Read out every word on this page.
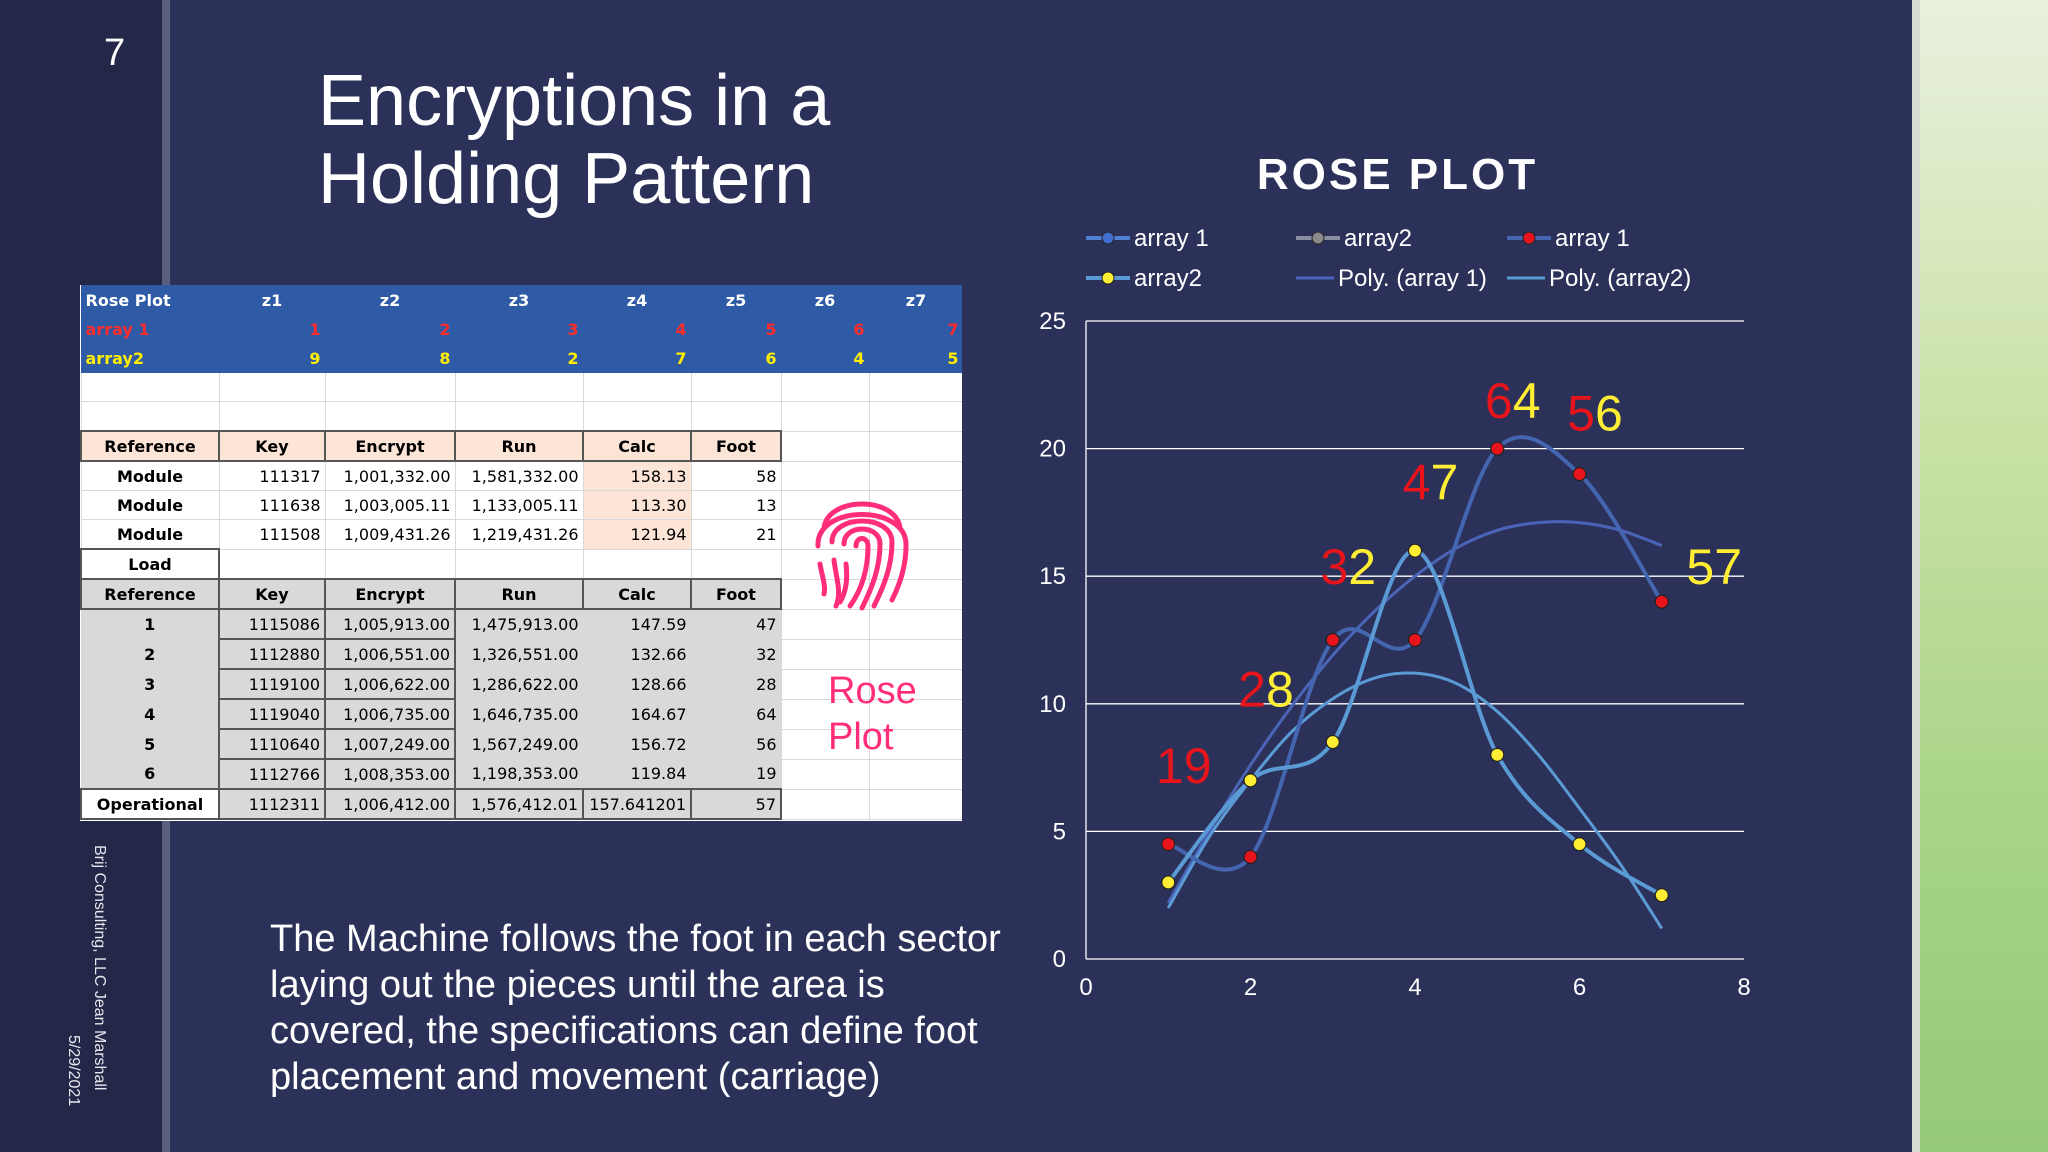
7
Brij Consulting, LLC Jean Marshall
5/29/2021
Encryptions in a
Holding Pattern
Rose Plot	z1	z2	z3	z4	z5	z6	z7
array 1	1	2	3	4	5	6	7
array2	9	8	2	7	6	4	5

Reference	Key	Encrypt	Run	Calc	Foot		
Module	111317	1,001,332.00	1,581,332.00	158.13	58		
Module	111638	1,003,005.11	1,133,005.11	113.30	13		
Module	111508	1,009,431.26	1,219,431.26	121.94	21		
Load							
Reference	Key	Encrypt	Run	Calc	Foot		
1	1115086	1,005,913.00	1,475,913.00	147.59	47		
2	1112880	1,006,551.00	1,326,551.00	132.66	32		
3	1119100	1,006,622.00	1,286,622.00	128.66	28		
4	1119040	1,006,735.00	1,646,735.00	164.67	64		
5	1110640	1,007,249.00	1,567,249.00	156.72	56		
6	1112766	1,008,353.00	1,198,353.00	119.84	19		
Operational	1112311	1,006,412.00	1,576,412.01	157.641201	57		
Rose
Plot
ROSE PLOT
0
5
10
15
20
25
0	2	4	6	8
19
28
32
47
64 56
57
array 1	array2	array 1
array2	Poly. (array 1)	Poly. (array2)
The Machine follows the foot in each sector laying out the pieces until the area is covered, the specifications can define foot placement and movement (carriage)
